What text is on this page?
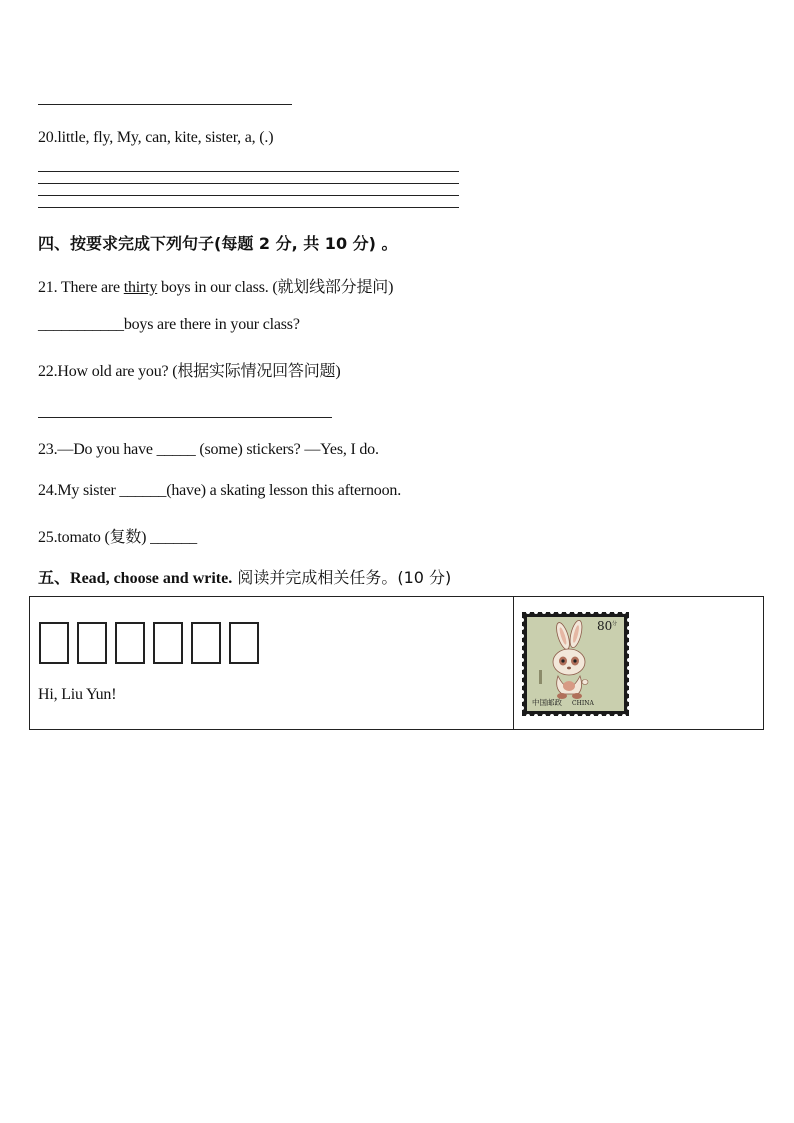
20.little, fly, My, can, kite, sister, a, (.)
四、按要求完成下列句子(每题 2 分, 共 10 分) 。
21. There are thirty boys in our class. (就划线部分提问)
___________boys are there in your class?
22.How old are you? (根据实际情况回答问题)
23.—Do you have _____ (some) stickers? —Yes, I do.
24.My sister ______(have) a skating lesson this afternoon.
25.tomato (复数) ______
五、Read, choose and write. 阅读并完成相关任务。(10 分)
Hi, Liu Yun!
80 分
中国邮政 CHINA
